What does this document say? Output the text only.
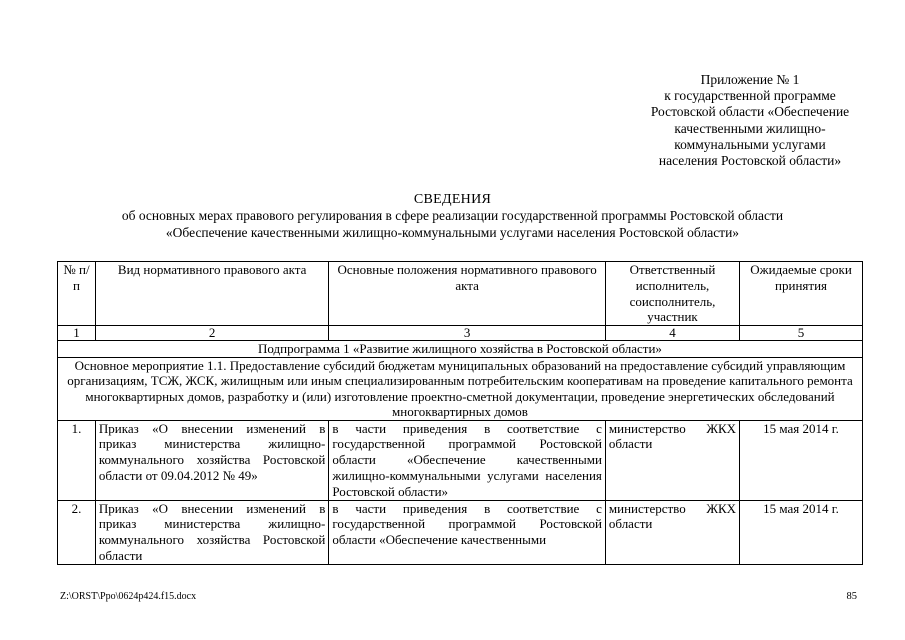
Приложение № 1
к государственной программе
Ростовской области «Обеспечение
качественными жилищно-
коммунальными услугами
населения Ростовской области»
СВЕДЕНИЯ
об основных мерах правового регулирования в сфере реализации государственной программы Ростовской области
«Обеспечение качественными жилищно-коммунальными услугами населения Ростовской области»
№ п/п	Вид нормативного правового акта	Основные положения нормативного правового акта	Ответственный исполнитель, соисполнитель, участник	Ожидаемые сроки принятия
1	2	3	4	5
Подпрограмма 1 «Развитие жилищного хозяйства в Ростовской области»				
Основное мероприятие 1.1. Предоставление субсидий бюджетам муниципальных образований на предоставление субсидий управляющим организациям, ТСЖ, ЖСК, жилищным или иным специализированным потребительским кооперативам на проведение капитального ремонта многоквартирных домов, разработку и (или) изготовление проектно-сметной документации, проведение энергетических обследований многоквартирных домов				
1.	Приказ «О внесении изменений в приказ министерства жилищно-коммунального хозяйства Ростовской области от 09.04.2012 № 49»	в части приведения в соответствие с государственной программой Ростовской области «Обеспечение качественными жилищно-коммунальными услугами населения Ростовской области»	министерство ЖКХ области	15 мая 2014 г.
2.	Приказ «О внесении изменений в приказ министерства жилищно-коммунального хозяйства Ростовской области	в части приведения в соответствие с государственной программой Ростовской области «Обеспечение качественными	министерство ЖКХ области	15 мая 2014 г.
Z:\ORST\Ppo\0624p424.f15.docx	85
